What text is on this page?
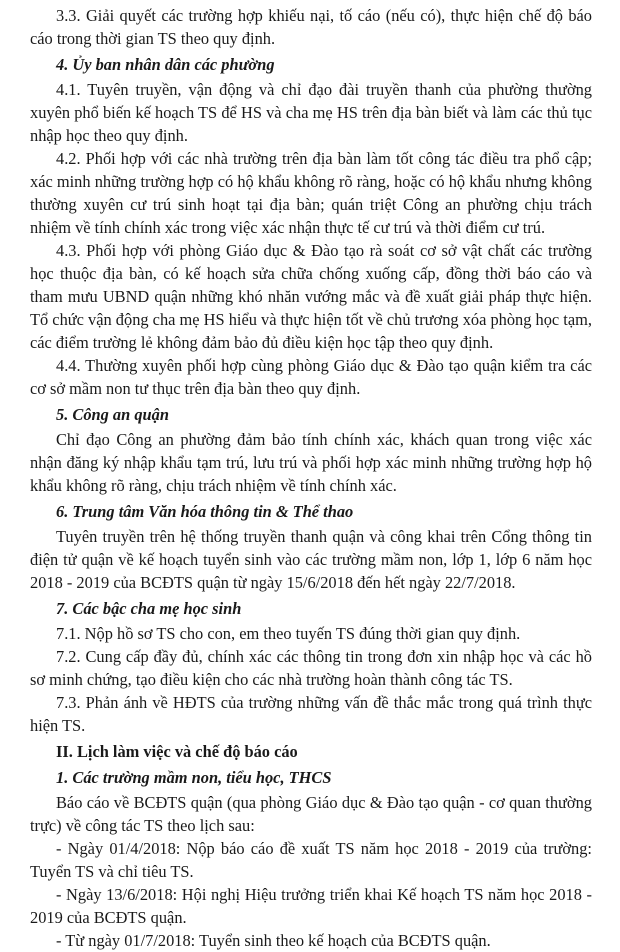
3.3. Giải quyết các trường hợp khiếu nại, tố cáo (nếu có), thực hiện chế độ báo cáo trong thời gian TS theo quy định.

4. Ủy ban nhân dân các phường

4.1. Tuyên truyền, vận động và chỉ đạo đài truyền thanh của phường thường xuyên phổ biến kế hoạch TS để HS và cha mẹ HS trên địa bàn biết và làm các thủ tục nhập học theo quy định.

4.2. Phối hợp với các nhà trường trên địa bàn làm tốt công tác điều tra phổ cập; xác minh những trường hợp có hộ khẩu không rõ ràng, hoặc có hộ khẩu nhưng không thường xuyên cư trú sinh hoạt tại địa bàn; quán triệt Công an phường chịu trách nhiệm về tính chính xác trong việc xác nhận thực tế cư trú và thời điểm cư trú.

4.3. Phối hợp với phòng Giáo dục & Đào tạo rà soát cơ sở vật chất các trường học thuộc địa bàn, có kế hoạch sửa chữa chống xuống cấp, đồng thời báo cáo và tham mưu UBND quận những khó nhăn vướng mắc và đề xuất giải pháp thực hiện. Tổ chức vận động cha mẹ HS hiểu và thực hiện tốt về chủ trương xóa phòng học tạm, các điểm trường lẻ không đảm bảo đủ điều kiện học tập theo quy định.

4.4. Thường xuyên phối hợp cùng phòng Giáo dục & Đào tạo quận kiểm tra các cơ sở mầm non tư thục trên địa bàn theo quy định.

5. Công an quận

Chỉ đạo Công an phường đảm bảo tính chính xác, khách quan trong việc xác nhận đăng ký nhập khẩu tạm trú, lưu trú và phối hợp xác minh những trường hợp hộ khẩu không rõ ràng, chịu trách nhiệm về tính chính xác.

6. Trung tâm Văn hóa thông tin & Thể thao

Tuyên truyền trên hệ thống truyền thanh quận và công khai trên Cổng thông tin điện tử quận về kế hoạch tuyển sinh vào các trường mầm non, lớp 1, lớp 6 năm học 2018 - 2019 của BCĐTS quận từ ngày 15/6/2018 đến hết ngày 22/7/2018.

7. Các bậc cha mẹ học sinh

7.1. Nộp hồ sơ TS cho con, em theo tuyến TS đúng thời gian quy định.

7.2. Cung cấp đầy đủ, chính xác các thông tin trong đơn xin nhập học và các hồ sơ minh chứng, tạo điều kiện cho các nhà trường hoàn thành công tác TS.

7.3. Phản ánh về HĐTS của trường những vấn đề thắc mắc trong quá trình thực hiện TS.

II. Lịch làm việc và chế độ báo cáo

1. Các trường mầm non, tiểu học, THCS

Báo cáo về BCĐTS quận (qua phòng Giáo dục & Đào tạo quận - cơ quan thường trực) về công tác TS theo lịch sau:

- Ngày 01/4/2018: Nộp báo cáo đề xuất TS năm học 2018 - 2019 của trường: Tuyển TS và chỉ tiêu TS.

- Ngày 13/6/2018: Hội nghị Hiệu trưởng triển khai Kế hoạch TS năm học 2018 - 2019 của BCĐTS quận.

- Từ ngày 01/7/2018: Tuyển sinh theo kế hoạch của BCĐTS quận.
